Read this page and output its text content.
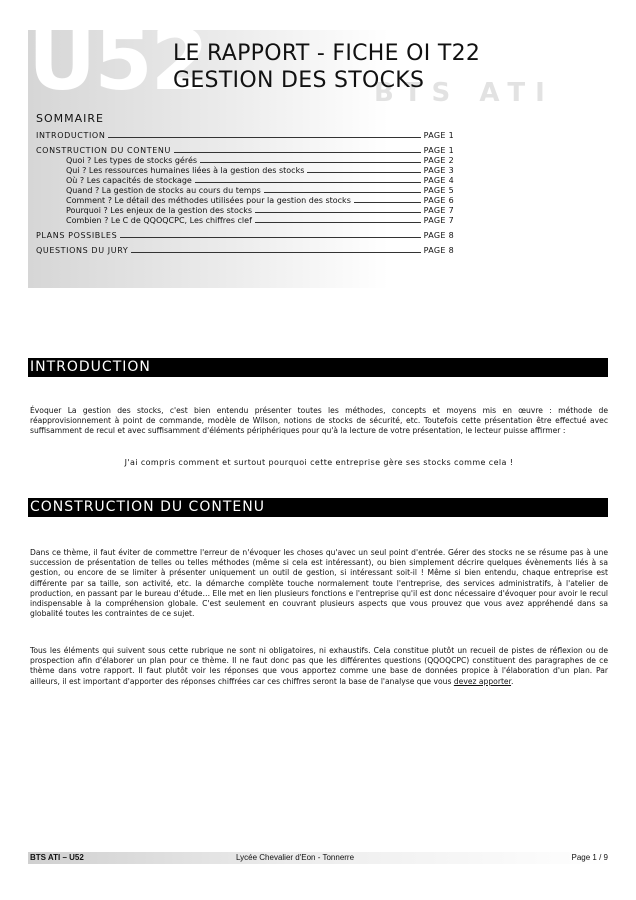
U52	BTS ATI
LE RAPPORT - FICHE OI T22
GESTION DES STOCKS
SOMMAIRE
INTRODUCTION	PAGE 1
CONSTRUCTION DU CONTENU	PAGE 1
Quoi ? Les types de stocks gérés	PAGE 2
Qui ? Les ressources humaines liées à la gestion des stocks	PAGE 3
Où ? Les capacités de stockage	PAGE 4
Quand ? La gestion de stocks au cours du temps	PAGE 5
Comment ? Le détail des méthodes utilisées pour la gestion des stocks	PAGE 6
Pourquoi ? Les enjeux de la gestion des stocks	PAGE 7
Combien ? Le C de QQOQCPC, Les chiffres clef	PAGE 7
PLANS POSSIBLES	PAGE 8
QUESTIONS DU JURY	PAGE 8
INTRODUCTION
Évoquer La gestion des stocks, c'est bien entendu présenter toutes les méthodes, concepts et moyens mis en œuvre : méthode de réapprovisionnement à point de commande, modèle de Wilson, notions de stocks de sécurité, etc. Toutefois cette présentation être effectué avec suffisamment de recul et avec suffisamment d'éléments périphériques pour qu'à la lecture de votre présentation, le lecteur puisse affirmer :
J'ai compris comment et surtout pourquoi cette entreprise gère ses stocks comme cela !
CONSTRUCTION DU CONTENU
Dans ce thème, il faut éviter de commettre l'erreur de n'évoquer les choses qu'avec un seul point d'entrée. Gérer des stocks ne se résume pas à une succession de présentation de telles ou telles méthodes (même si cela est intéressant), ou bien simplement décrire quelques évènements liés à sa gestion, ou encore de se limiter à présenter uniquement un outil de gestion, si intéressant soit-il ! Même si bien entendu, chaque entreprise est différente par sa taille, son activité, etc. la démarche complète touche normalement toute l'entreprise, des services administratifs, à l'atelier de production, en passant par le bureau d'étude… Elle met en lien plusieurs fonctions e l'entreprise qu'il est donc nécessaire d'évoquer pour avoir le recul indispensable à la compréhension globale. C'est seulement en couvrant plusieurs aspects que vous prouvez que vous avez appréhendé dans sa globalité toutes les contraintes de ce sujet.
Tous les éléments qui suivent sous cette rubrique ne sont ni obligatoires, ni exhaustifs. Cela constitue plutôt un recueil de pistes de réflexion ou de prospection afin d'élaborer un plan pour ce thème. Il ne faut donc pas que les différentes questions (QQOQCPC) constituent des paragraphes de ce thème dans votre rapport. Il faut plutôt voir les réponses que vous apportez comme une base de données propice à l'élaboration d'un plan. Par ailleurs, il est important d'apporter des réponses chiffrées car ces chiffres seront la base de l'analyse que vous devez apporter.
BTS ATI – U52	Lycée Chevalier d'Eon - Tonnerre	Page 1 / 9
